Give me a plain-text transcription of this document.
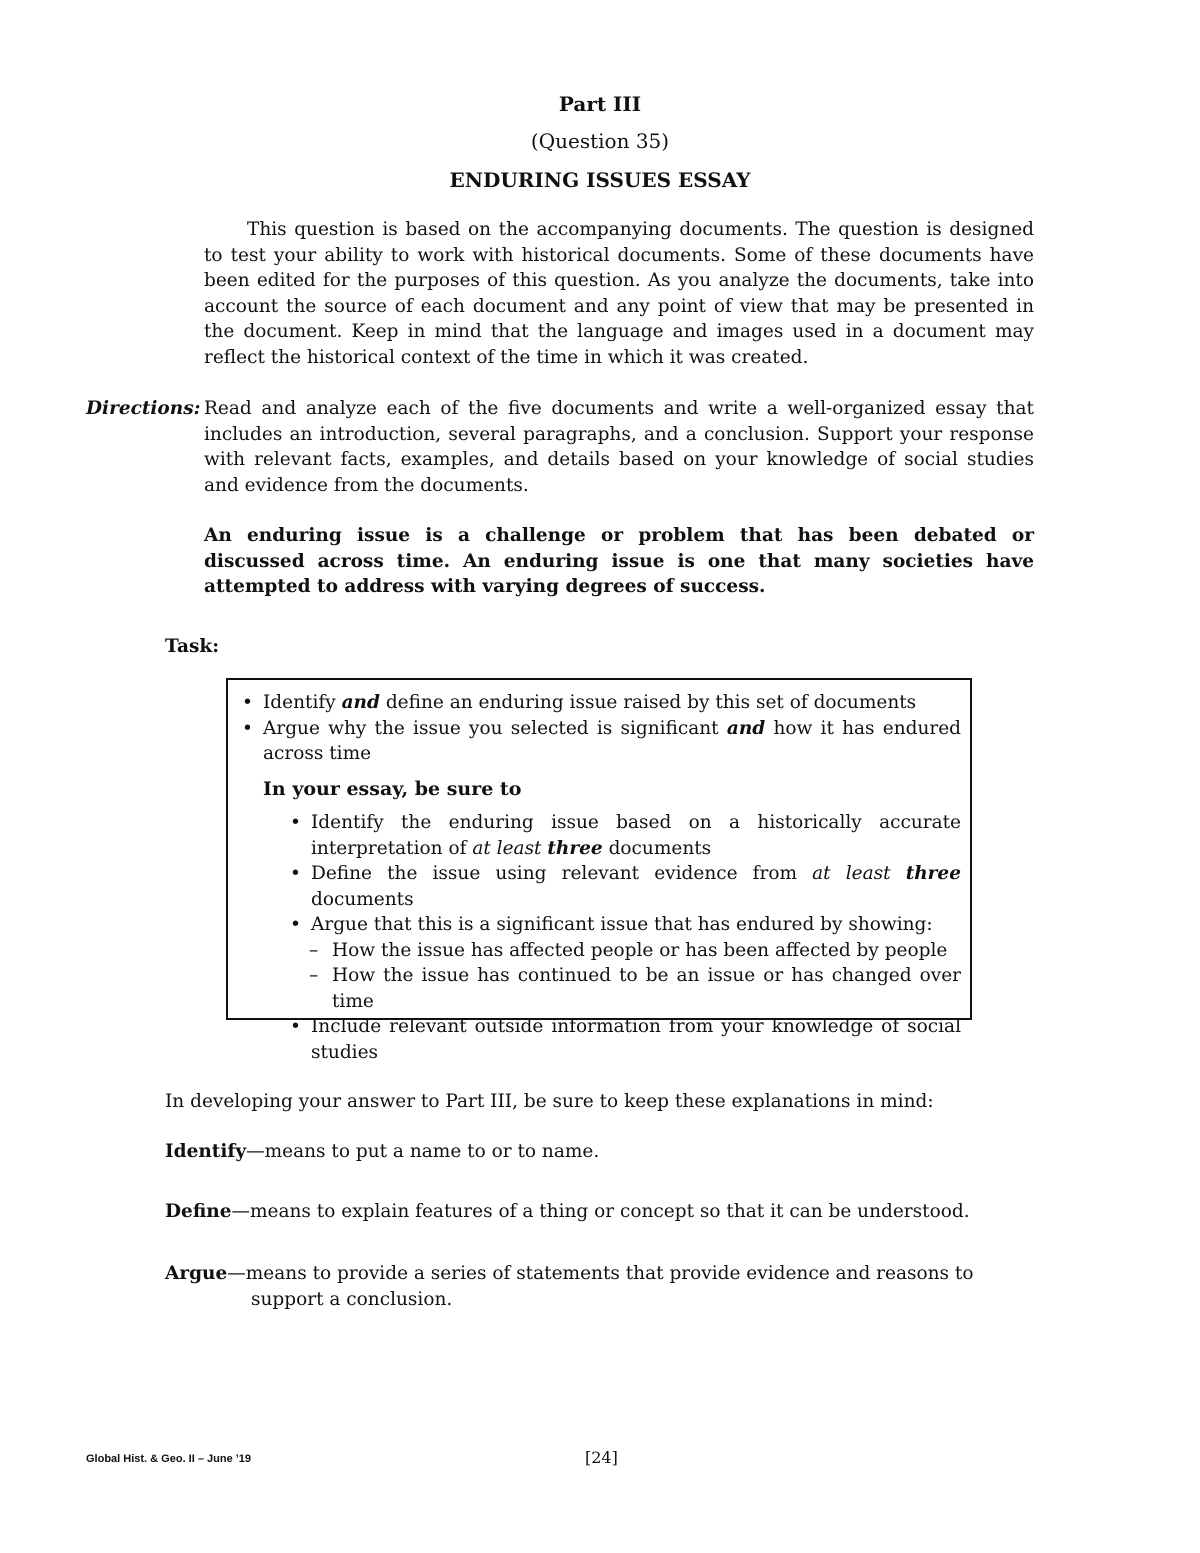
Part III
(Question 35)
ENDURING ISSUES ESSAY
This question is based on the accompanying documents. The question is designed to test your ability to work with historical documents. Some of these documents have been edited for the purposes of this question. As you analyze the documents, take into account the source of each document and any point of view that may be presented in the document. Keep in mind that the language and images used in a document may reflect the historical context of the time in which it was created.
Directions: Read and analyze each of the five documents and write a well-organized essay that includes an introduction, several paragraphs, and a conclusion. Support your response with relevant facts, examples, and details based on your knowledge of social studies and evidence from the documents.
An enduring issue is a challenge or problem that has been debated or discussed across time. An enduring issue is one that many societies have attempted to address with varying degrees of success.
Task:
• Identify and define an enduring issue raised by this set of documents
• Argue why the issue you selected is significant and how it has endured across time
In your essay, be sure to
• Identify the enduring issue based on a historically accurate interpretation of at least three documents
• Define the issue using relevant evidence from at least three documents
• Argue that this is a significant issue that has endured by showing:
– How the issue has affected people or has been affected by people
– How the issue has continued to be an issue or has changed over time
• Include relevant outside information from your knowledge of social studies
In developing your answer to Part III, be sure to keep these explanations in mind:
Identify—means to put a name to or to name.
Define—means to explain features of a thing or concept so that it can be understood.
Argue—means to provide a series of statements that provide evidence and reasons to
support a conclusion.
Global Hist. & Geo. II – June ’19	[24]
